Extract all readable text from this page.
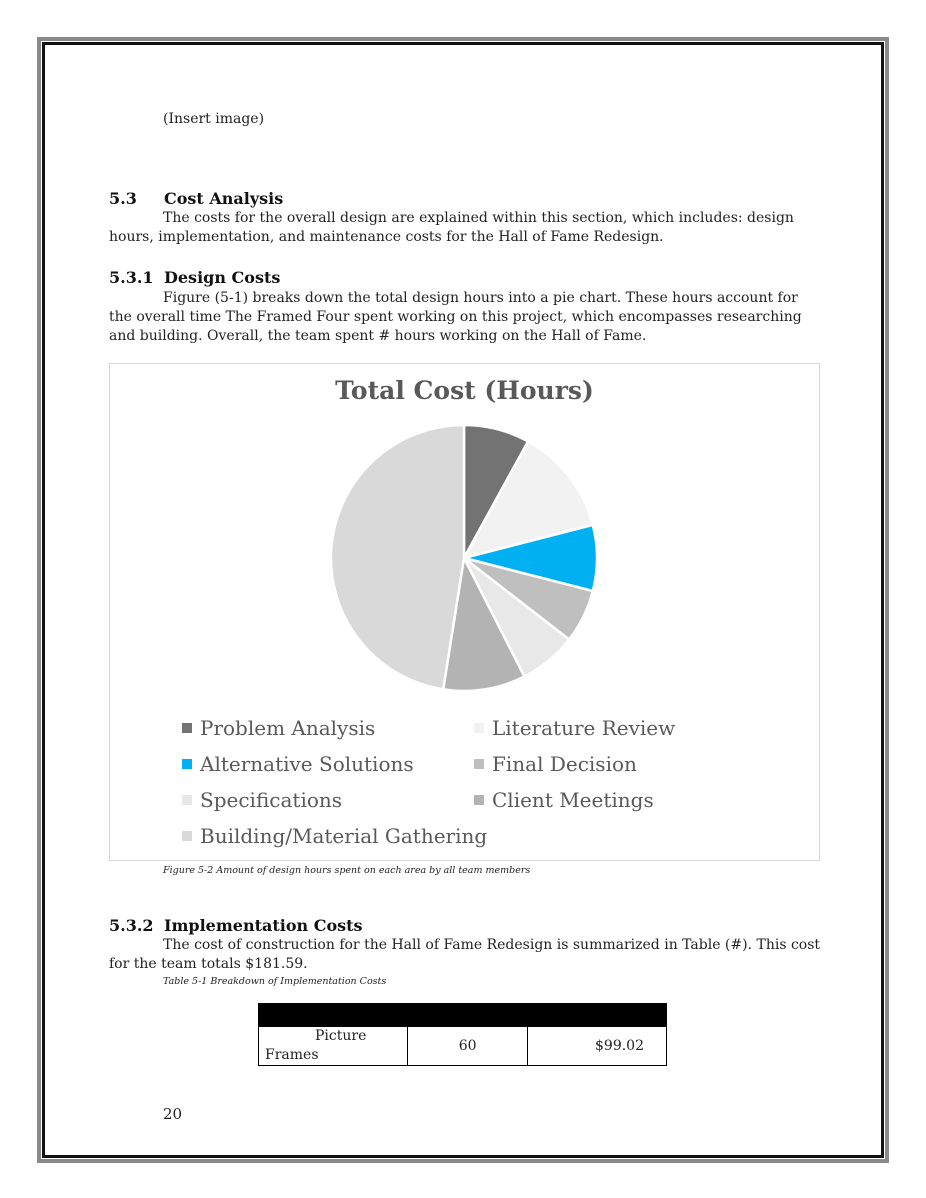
(Insert image)
5.3 Cost Analysis
The costs for the overall design are explained within this section, which includes: design hours, implementation, and maintenance costs for the Hall of Fame Redesign.
5.3.1 Design Costs
Figure (5-1) breaks down the total design hours into a pie chart. These hours account for the overall time The Framed Four spent working on this project, which encompasses researching and building. Overall, the team spent # hours working on the Hall of Fame.
Total Cost (Hours)
Problem Analysis	Literature Review
Alternative Solutions	Final Decision
Specifications	Client Meetings
Building/Material Gathering
Figure 5-2 Amount of design hours spent on each area by all team members
5.3.2 Implementation Costs
The cost of construction for the Hall of Fame Redesign is summarized in Table (#). This cost for the team totals $181.59.
Table 5-1 Breakdown of Implementation Costs

Picture
Frames	60	$99.02
20
